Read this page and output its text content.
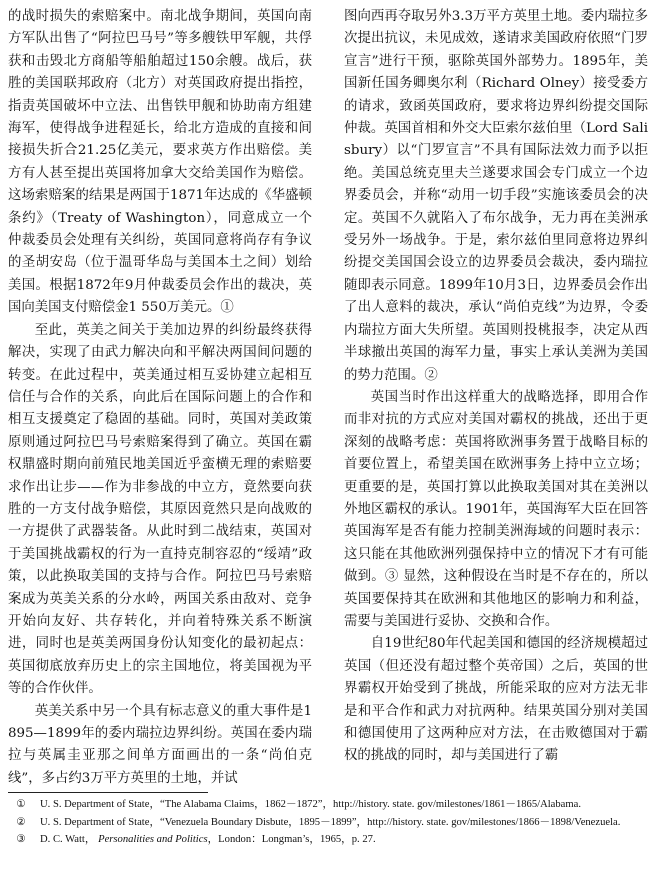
的战时损失的索赔案中。南北战争期间，英国向南方军队出售了“阿拉巴马号”等多艘铁甲军舰，共俘获和击毁北方商船等船舶超过150余艘。战后，获胜的美国联邦政府（北方）对英国政府提出指控，指责英国破坏中立法、出售铁甲舰和协助南方组建海军，使得战争进程延长，给北方造成的直接和间接损失折合21.25亿美元，要求英方作出赔偿。美方有人甚至提出英国将加拿大交给美国作为赔偿。这场索赔案的结果是两国于1871年达成的《华盛顿条约》（Treaty of Washington），同意成立一个仲裁委员会处理有关纠纷，英国同意将尚存有争议的圣胡安岛（位于温哥华岛与美国本土之间）划给美国。根据1872年9月仲裁委员会作出的裁决，英国向美国支付赔偿金1 550万美元。①

至此，英美之间关于美加边界的纠纷最终获得解决，实现了由武力解决向和平解决两国间问题的转变。在此过程中，英美通过相互妥协建立起相互信任与合作的关系，向此后在国际问题上的合作和相互支援奠定了稳固的基础。同时，英国对美政策原则通过阿拉巴马号索赔案得到了确立。英国在霸权鼎盛时期向前殖民地美国近乎蛮横无理的索赔要求作出让步——作为非参战的中立方，竟然要向获胜的一方支付战争赔偿，其原因竟然只是向战败的一方提供了武器装备。从此时到二战结束，英国对于美国挑战霸权的行为一直持克制容忍的“绥靖”政策，以此换取美国的支持与合作。阿拉巴马号索赔案成为英美关系的分水岭，两国关系由敌对、竞争开始向友好、共存转化，并向着特殊关系不断演进，同时也是英美两国身份认知变化的最初起点：英国彻底放弃历史上的宗主国地位，将美国视为平等的合作伙伴。

英美关系中另一个具有标志意义的重大事件是1895—1899年的委内瑞拉边界纠纷。英国在委内瑞拉与英属圭亚那之间单方面画出的一条“尚伯克线”，多占约3万平方英里的土地，并试

图向西再夺取另外3.3万平方英里土地。委内瑞拉多次提出抗议，未见成效，遂请求美国政府依照“门罗宣言”进行干预，驱除英国外部势力。1895年，美国新任国务卿奥尔利（Richard Olney）接受委方的请求，致函英国政府，要求将边界纠纷提交国际仲裁。英国首相和外交大臣索尔兹伯里（Lord Salisbury）以“门罗宣言”不具有国际法效力而予以拒绝。美国总统克里夫兰遂要求国会专门成立一个边界委员会，并称“动用一切手段”实施该委员会的决定。英国不久就陷入了布尔战争，无力再在美洲承受另外一场战争。于是，索尔兹伯里同意将边界纠纷提交美国国会设立的边界委员会裁决，委内瑞拉随即表示同意。1899年10月3日，边界委员会作出了出人意料的裁决，承认“尚伯克线”为边界，令委内瑞拉方面大失所望。英国则投桃报李，决定从西半球撤出英国的海军力量，事实上承认美洲为美国的势力范围。②

英国当时作出这样重大的战略选择，即用合作而非对抗的方式应对美国对霸权的挑战，还出于更深刻的战略考虑：英国将欧洲事务置于战略目标的首要位置上，希望美国在欧洲事务上持中立立场；更重要的是，英国打算以此换取美国对其在美洲以外地区霸权的承认。1901年，英国海军大臣在回答英国海军是否有能力控制美洲海域的问题时表示：这只能在其他欧洲列强保持中立的情况下才有可能做到。③ 显然，这种假设在当时是不存在的，所以英国要保持其在欧洲和其他地区的影响力和利益，需要与美国进行妥协、交换和合作。

自19世纪80年代起美国和德国的经济规模超过英国（但还没有超过整个英帝国）之后，英国的世界霸权开始受到了挑战，所能采取的应对方法无非是和平合作和武力对抗两种。结果英国分别对美国和德国使用了这两种应对方法，在击败德国对于霸权的挑战的同时，却与美国进行了霸

①	U. S. Department of State，“The Alabama Claims，1862－1872”，http://history. state. gov/milestones/1861－1865/Alabama.
②	U. S. Department of State，“Venezuela Boundary Disbute，1895－1899”，http://history. state. gov/milestones/1866－1898/Venezuela.
③	D. C. Watt， Personalities and Politics，London：Longman’s，1965，p. 27.
